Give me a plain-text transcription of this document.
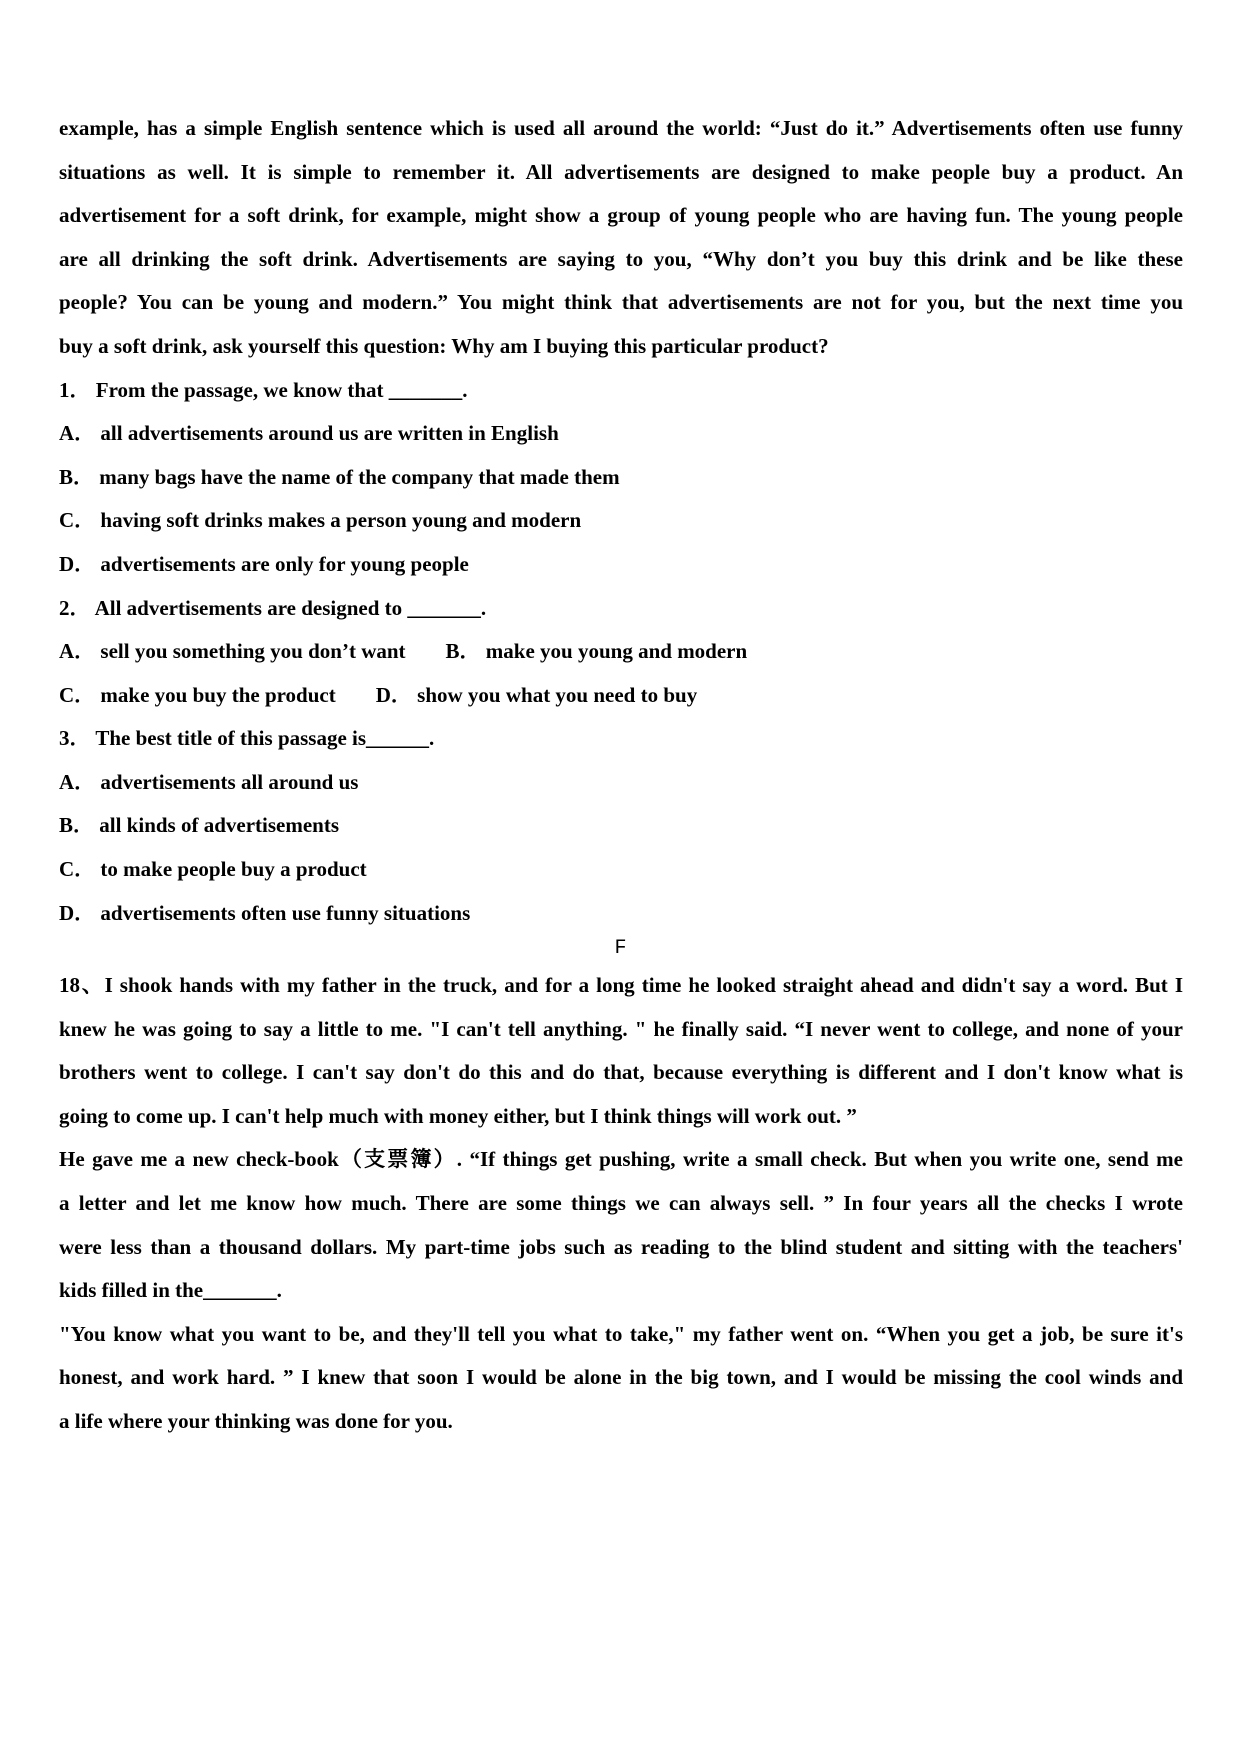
example, has a simple English sentence which is used all around the world: “Just do it.” Advertisements often use funny
situations as well. It is simple to remember it. All advertisements are designed to make people buy a product. An
advertisement for a soft drink, for example, might show a group of young people who are having fun. The young people
are all drinking the soft drink. Advertisements are saying to you, “Why don’t you buy this drink and be like these
people? You can be young and modern.” You might think that advertisements are not for you, but the next time you
buy a soft drink, ask yourself this question: Why am I buying this particular product?
1． From the passage, we know that _______.
A． all advertisements around us are written in English
B． many bags have the name of the company that made them
C． having soft drinks makes a person young and modern
D． advertisements are only for young people
2． All advertisements are designed to _______.
A． sell you something you don’t want B． make you young and modern
C． make you buy the product D． show you what you need to buy
3． The best title of this passage is______.
A． advertisements all around us
B． all kinds of advertisements
C． to make people buy a product
D． advertisements often use funny situations
F
18、I shook hands with my father in the truck, and for a long time he looked straight ahead and didn't say a word. But I
knew he was going to say a little to me. "I can't tell anything. " he finally said. “I never went to college, and none of your
brothers went to college. I can't say don't do this and do that, because everything is different and I don't know what is
going to come up. I can't help much with money either, but I think things will work out. ”
He gave me a new check-book（支票簿）. “If things get pushing, write a small check. But when you write one, send me
a letter and let me know how much. There are some things we can always sell. ” In four years all the checks I wrote
were less than a thousand dollars. My part-time jobs such as reading to the blind student and sitting with the teachers'
kids filled in the_______.
"You know what you want to be, and they'll tell you what to take," my father went on. “When you get a job, be sure it's
honest, and work hard. ” I knew that soon I would be alone in the big town, and I would be missing the cool winds and
a life where your thinking was done for you.
